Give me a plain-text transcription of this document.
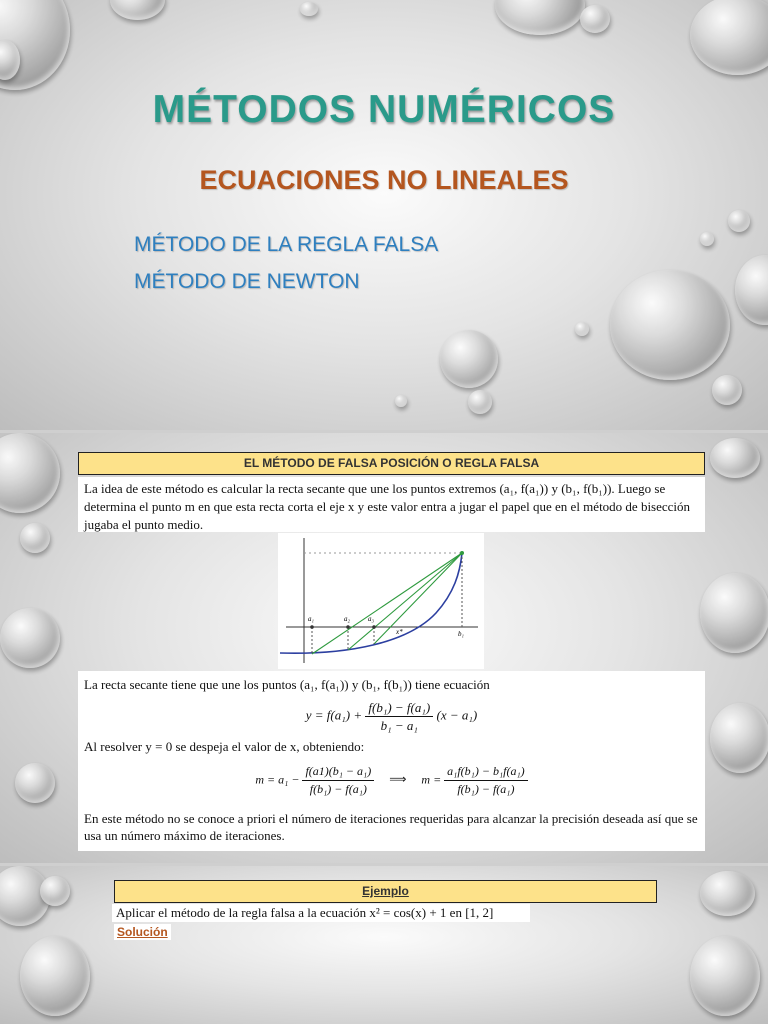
MÉTODOS NUMÉRICOS
ECUACIONES NO LINEALES

MÉTODO DE LA REGLA FALSA

MÉTODO DE NEWTON

EL MÉTODO DE FALSA POSICIÓN O REGLA FALSA
La idea de este método es calcular la recta secante que une los puntos extremos (a₁, f(a₁)) y (b₁, f(b₁)). Luego se determina el punto m en que esta recta corta el eje x y este valor entra a jugar el papel que en el método de bisección jugaba el punto medio.
a₁	a₂	a₃
x*	b₁
La recta secante tiene que une los puntos (a₁, f(a₁)) y (b₁, f(b₁)) tiene ecuación
$y = f(a_1) + \frac{\text{f(b₁) − f(a₁)}}{\text{b₁ − a₁}} (x - a_1)$
Al resolver y = 0 se despeja el valor de x, obteniendo:
$m = a_1 - \frac{\text{f(a1)(b₁ − a₁)}}{\text{f(b₁) − f(a₁)}}$ ⟹ $m = \frac{\text{a₁f(b₁) − b₁f(a₁)}}{\text{f(b₁) − f(a₁)}}$
En este método no se conoce a priori el número de iteraciones requeridas para alcanzar la precisión deseada así que se usa un número máximo de iteraciones.
Ejemplo
Aplicar el método de la regla falsa a la ecuación x² = cos(x) + 1 en [1, 2]
Solución
